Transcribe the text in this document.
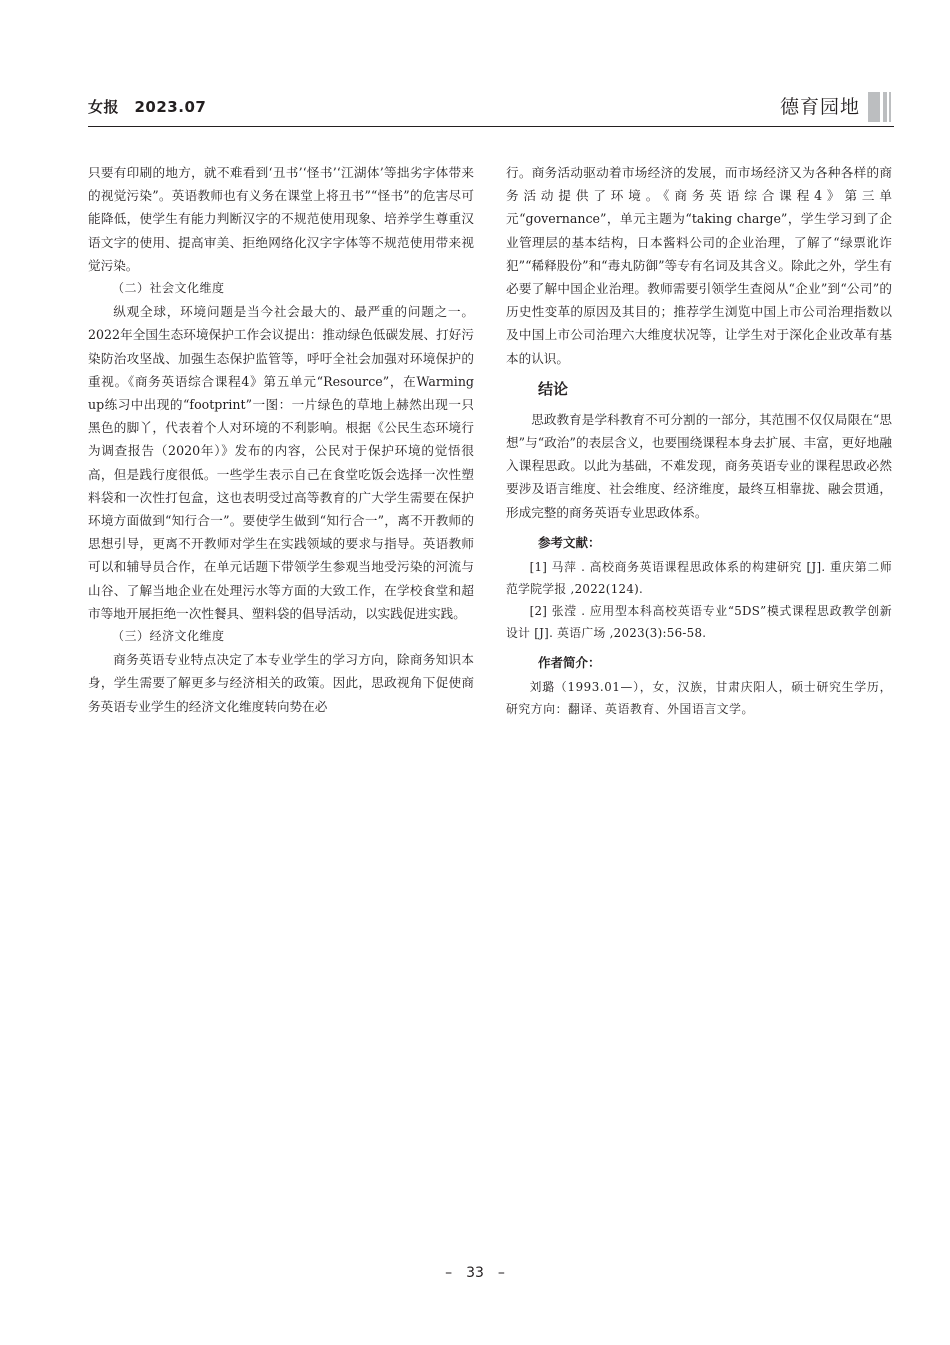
女报　2023.07	德育园地

只要有印刷的地方，就不难看到‘丑书’‘怪书’‘江湖体’等拙劣字体带来的视觉污染”。英语教师也有义务在课堂上将丑书”“怪书”的危害尽可能降低，使学生有能力判断汉字的不规范使用现象、培养学生尊重汉语文字的使用、提高审美、拒绝网络化汉字字体等不规范使用带来视觉污染。

（二）社会文化维度

纵观全球，环境问题是当今社会最大的、最严重的问题之一。2022年全国生态环境保护工作会议提出：推动绿色低碳发展、打好污染防治攻坚战、加强生态保护监管等，呼吁全社会加强对环境保护的重视。《商务英语综合课程4》第五单元“Resource”，在Warming up练习中出现的“footprint”一图：一片绿色的草地上赫然出现一只黑色的脚丫，代表着个人对环境的不利影响。根据《公民生态环境行为调查报告（2020年）》发布的内容，公民对于保护环境的觉悟很高，但是践行度很低。一些学生表示自己在食堂吃饭会选择一次性塑料袋和一次性打包盒，这也表明受过高等教育的广大学生需要在保护环境方面做到“知行合一”。要使学生做到“知行合一”，离不开教师的思想引导，更离不开教师对学生在实践领域的要求与指导。英语教师可以和辅导员合作，在单元话题下带领学生参观当地受污染的河流与山谷、了解当地企业在处理污水等方面的大致工作，在学校食堂和超市等地开展拒绝一次性餐具、塑料袋的倡导活动，以实践促进实践。

（三）经济文化维度

商务英语专业特点决定了本专业学生的学习方向，除商务知识本身，学生需要了解更多与经济相关的政策。因此，思政视角下促使商务英语专业学生的经济文化维度转向势在必

行。商务活动驱动着市场经济的发展，而市场经济又为各种各样的商务活动提供了环境。《商务英语综合课程4》第三单元“governance”，单元主题为“taking charge”，学生学习到了企业管理层的基本结构，日本酱料公司的企业治理，了解了“绿票讹诈犯”“稀释股份”和“毒丸防御”等专有名词及其含义。除此之外，学生有必要了解中国企业治理。教师需要引领学生查阅从“企业”到“公司”的历史性变革的原因及其目的；推荐学生浏览中国上市公司治理指数以及中国上市公司治理六大维度状况等，让学生对于深化企业改革有基本的认识。

结论

思政教育是学科教育不可分割的一部分，其范围不仅仅局限在“思想”与“政治”的表层含义，也要围绕课程本身去扩展、丰富，更好地融入课程思政。以此为基础，不难发现，商务英语专业的课程思政必然要涉及语言维度、社会维度、经济维度，最终互相靠拢、融会贯通，形成完整的商务英语专业思政体系。

参考文献：

[1] 马萍 . 高校商务英语课程思政体系的构建研究 [J]. 重庆第二师范学院学报 ,2022(124).

[2] 张滢 . 应用型本科高校英语专业“5DS”模式课程思政教学创新设计 [J]. 英语广场 ,2023(3):56-58.

作者简介：

刘璐（1993.01—），女，汉族，甘肃庆阳人，硕士研究生学历，研究方向：翻译、英语教育、外国语言文学。

–　33　–
